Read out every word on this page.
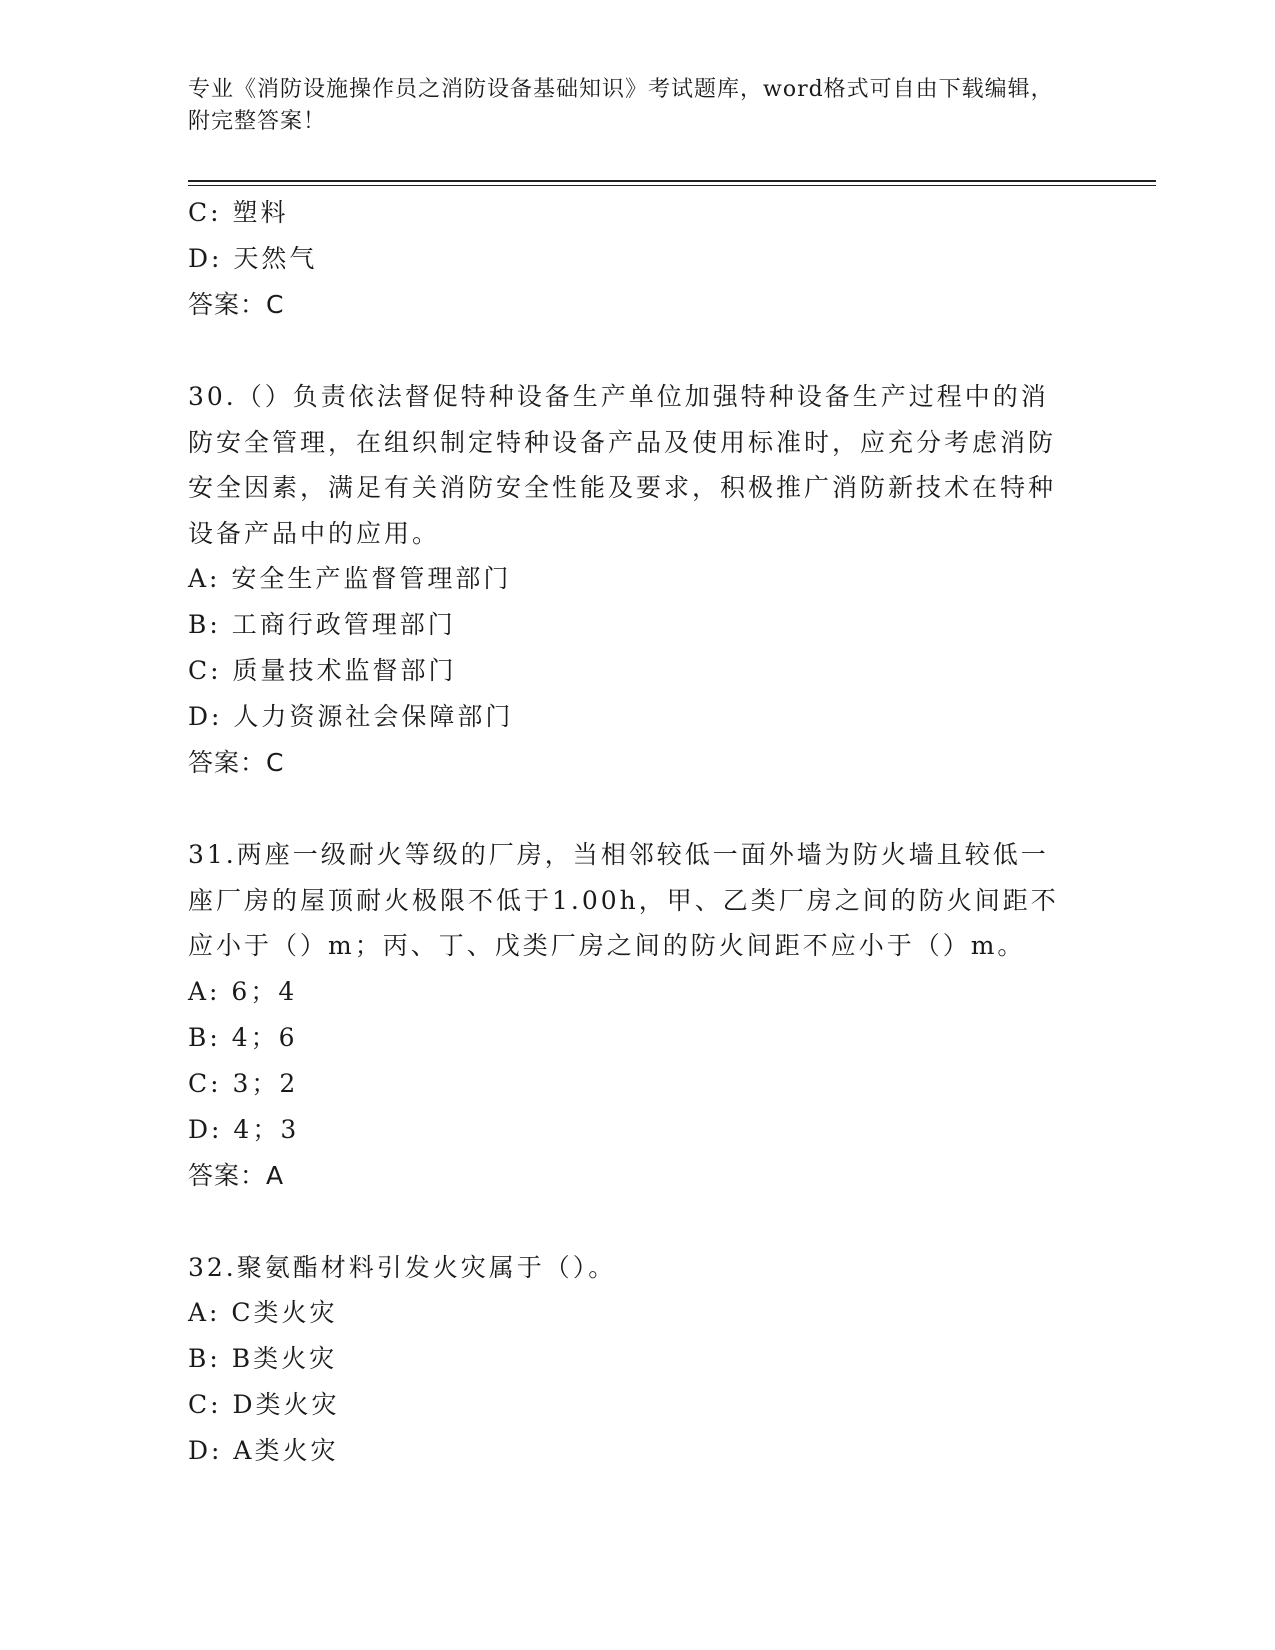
专业《消防设施操作员之消防设备基础知识》考试题库，word格式可自由下载编辑，附完整答案！
C: 塑料
D: 天然气
答案：C
30.（）负责依法督促特种设备生产单位加强特种设备生产过程中的消防安全管理，在组织制定特种设备产品及使用标准时，应充分考虑消防安全因素，满足有关消防安全性能及要求，积极推广消防新技术在特种设备产品中的应用。
A: 安全生产监督管理部门
B: 工商行政管理部门
C: 质量技术监督部门
D: 人力资源社会保障部门
答案：C
31.两座一级耐火等级的厂房，当相邻较低一面外墙为防火墙且较低一座厂房的屋顶耐火极限不低于1.00h，甲、乙类厂房之间的防火间距不应小于（）m；丙、丁、戊类厂房之间的防火间距不应小于（）m。
A: 6；4
B: 4；6
C: 3；2
D: 4；3
答案：A
32.聚氨酯材料引发火灾属于（）。
A: C类火灾
B: B类火灾
C: D类火灾
D: A类火灾
